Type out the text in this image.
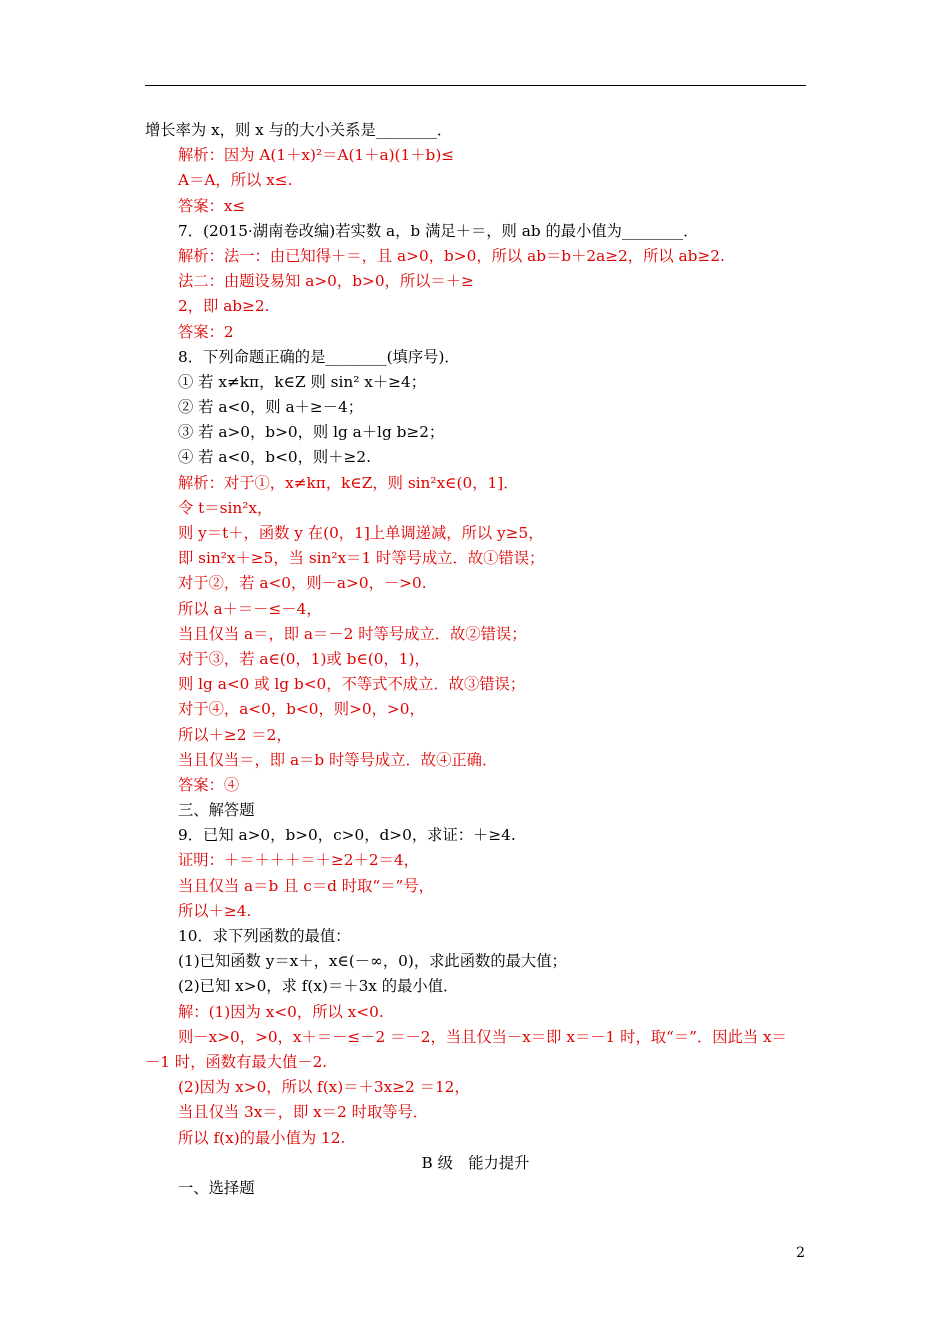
增长率为 x，则 x 与的大小关系是________．
解析：因为 A(1＋x)²＝A(1＋a)(1＋b)≤
A＝A，所以 x≤.
答案：x≤
7．(2015·湖南卷改编)若实数 a，b 满足＋＝，则 ab 的最小值为________．
解析：法一：由已知得＋＝，且 a>0，b>0，所以 ab＝b＋2a≥2，所以 ab≥2.
法二：由题设易知 a>0，b>0，所以＝＋≥
2，即 ab≥2.
答案：2
8．下列命题正确的是________(填序号)．
① 若 x≠kπ，k∈Z 则 sin² x＋≥4；
② 若 a<0，则 a＋≥－4；
③ 若 a>0，b>0，则 lg a＋lg b≥2；
④ 若 a<0，b<0，则＋≥2.
解析：对于①，x≠kπ，k∈Z，则 sin²x∈(0，1]．
令 t＝sin²x，
则 y＝t＋，函数 y 在(0，1]上单调递减，所以 y≥5，
即 sin²x＋≥5，当 sin²x＝1 时等号成立．故①错误；
对于②，若 a<0，则－a>0，－>0.
所以 a＋＝－≤－4，
当且仅当 a＝，即 a＝－2 时等号成立．故②错误；
对于③，若 a∈(0，1)或 b∈(0，1)，
则 lg a<0 或 lg b<0，不等式不成立．故③错误；
对于④，a<0，b<0，则>0，>0，
所以＋≥2 ＝2，
当且仅当＝，即 a＝b 时等号成立．故④正确．
答案：④
三、解答题
9．已知 a>0，b>0，c>0，d>0，求证：＋≥4.
证明：＋＝＋＋＋＝＋≥2＋2＝4，
当且仅当 a＝b 且 c＝d 时取“＝”号，
所以＋≥4.
10．求下列函数的最值：
(1)已知函数 y＝x＋，x∈(－∞，0)，求此函数的最大值；
(2)已知 x>0，求 f(x)＝＋3x 的最小值．
解：(1)因为 x<0，所以 x<0.
则－x>0，>0，x＋＝－≤－2 ＝－2，当且仅当－x＝即 x＝－1 时，取“＝”．因此当 x＝
－1 时，函数有最大值－2.
(2)因为 x>0，所以 f(x)＝＋3x≥2 ＝12，
当且仅当 3x＝，即 x＝2 时取等号．
所以 f(x)的最小值为 12.
B 级　能力提升
一、选择题
2
